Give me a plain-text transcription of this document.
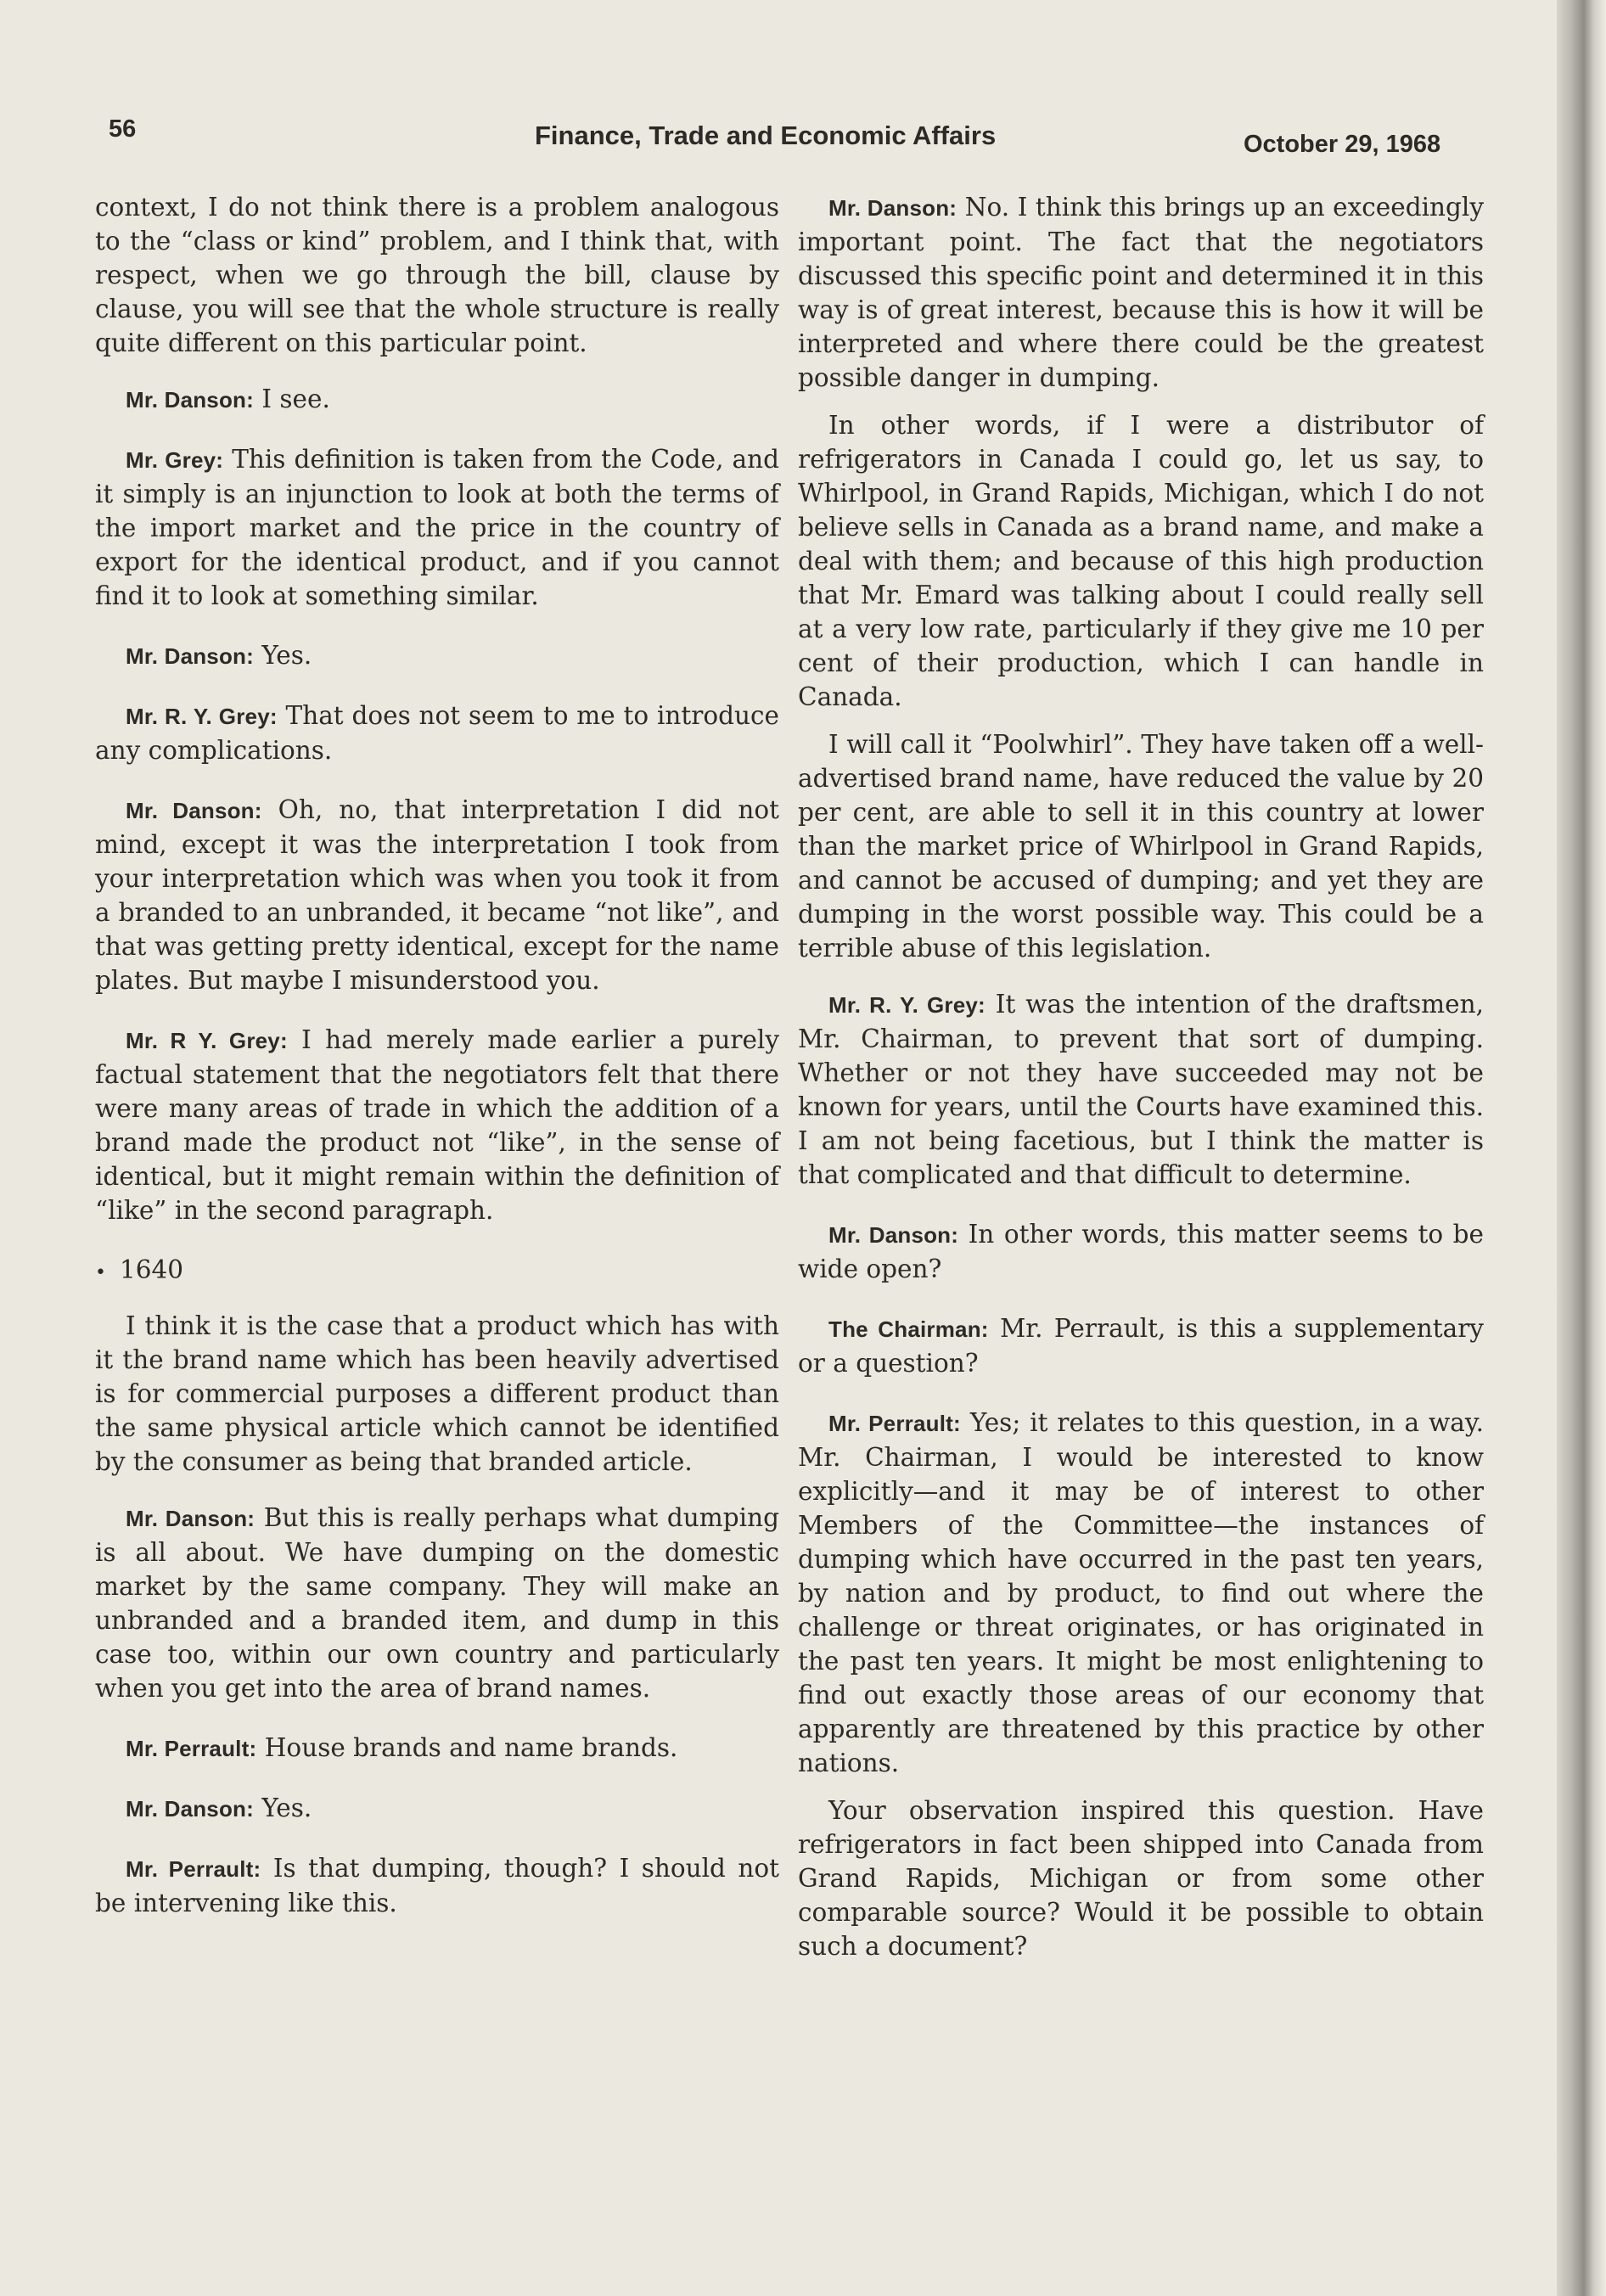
56	Finance, Trade and Economic Affairs	October 29, 1968

context, I do not think there is a problem analogous to the “class or kind” problem, and I think that, with respect, when we go through the bill, clause by clause, you will see that the whole structure is really quite different on this particular point.

Mr. Danson: I see.

Mr. Grey: This definition is taken from the Code, and it simply is an injunction to look at both the terms of the import market and the price in the country of export for the identical product, and if you cannot find it to look at something similar.

Mr. Danson: Yes.

Mr. R. Y. Grey: That does not seem to me to introduce any complications.

Mr. Danson: Oh, no, that interpretation I did not mind, except it was the interpretation I took from your interpretation which was when you took it from a branded to an unbranded, it became “not like”, and that was getting pretty identical, except for the name plates. But maybe I misunderstood you.

Mr. R Y. Grey: I had merely made earlier a purely factual statement that the negotiators felt that there were many areas of trade in which the addition of a brand made the product not “like”, in the sense of identical, but it might remain within the definition of “like” in the second paragraph.

• 1640

I think it is the case that a product which has with it the brand name which has been heavily advertised is for commercial purposes a different product than the same physical article which cannot be identified by the consumer as being that branded article.

Mr. Danson: But this is really perhaps what dumping is all about. We have dumping on the domestic market by the same company. They will make an unbranded and a branded item, and dump in this case too, within our own country and particularly when you get into the area of brand names.

Mr. Perrault: House brands and name brands.

Mr. Danson: Yes.

Mr. Perrault: Is that dumping, though? I should not be intervening like this.

Mr. Danson: No. I think this brings up an exceedingly important point. The fact that the negotiators discussed this specific point and determined it in this way is of great interest, because this is how it will be interpreted and where there could be the greatest possible danger in dumping.

In other words, if I were a distributor of refrigerators in Canada I could go, let us say, to Whirlpool, in Grand Rapids, Michigan, which I do not believe sells in Canada as a brand name, and make a deal with them; and because of this high production that Mr. Emard was talking about I could really sell at a very low rate, particularly if they give me 10 per cent of their production, which I can handle in Canada.

I will call it “Poolwhirl”. They have taken off a well-advertised brand name, have reduced the value by 20 per cent, are able to sell it in this country at lower than the market price of Whirlpool in Grand Rapids, and cannot be accused of dumping; and yet they are dumping in the worst possible way. This could be a terrible abuse of this legislation.

Mr. R. Y. Grey: It was the intention of the draftsmen, Mr. Chairman, to prevent that sort of dumping. Whether or not they have succeeded may not be known for years, until the Courts have examined this. I am not being facetious, but I think the matter is that complicated and that difficult to determine.

Mr. Danson: In other words, this matter seems to be wide open?

The Chairman: Mr. Perrault, is this a supplementary or a question?

Mr. Perrault: Yes; it relates to this question, in a way. Mr. Chairman, I would be interested to know explicitly—and it may be of interest to other Members of the Committee—the instances of dumping which have occurred in the past ten years, by nation and by product, to find out where the challenge or threat originates, or has originated in the past ten years. It might be most enlightening to find out exactly those areas of our economy that apparently are threatened by this practice by other nations.

Your observation inspired this question. Have refrigerators in fact been shipped into Canada from Grand Rapids, Michigan or from some other comparable source? Would it be possible to obtain such a document?
